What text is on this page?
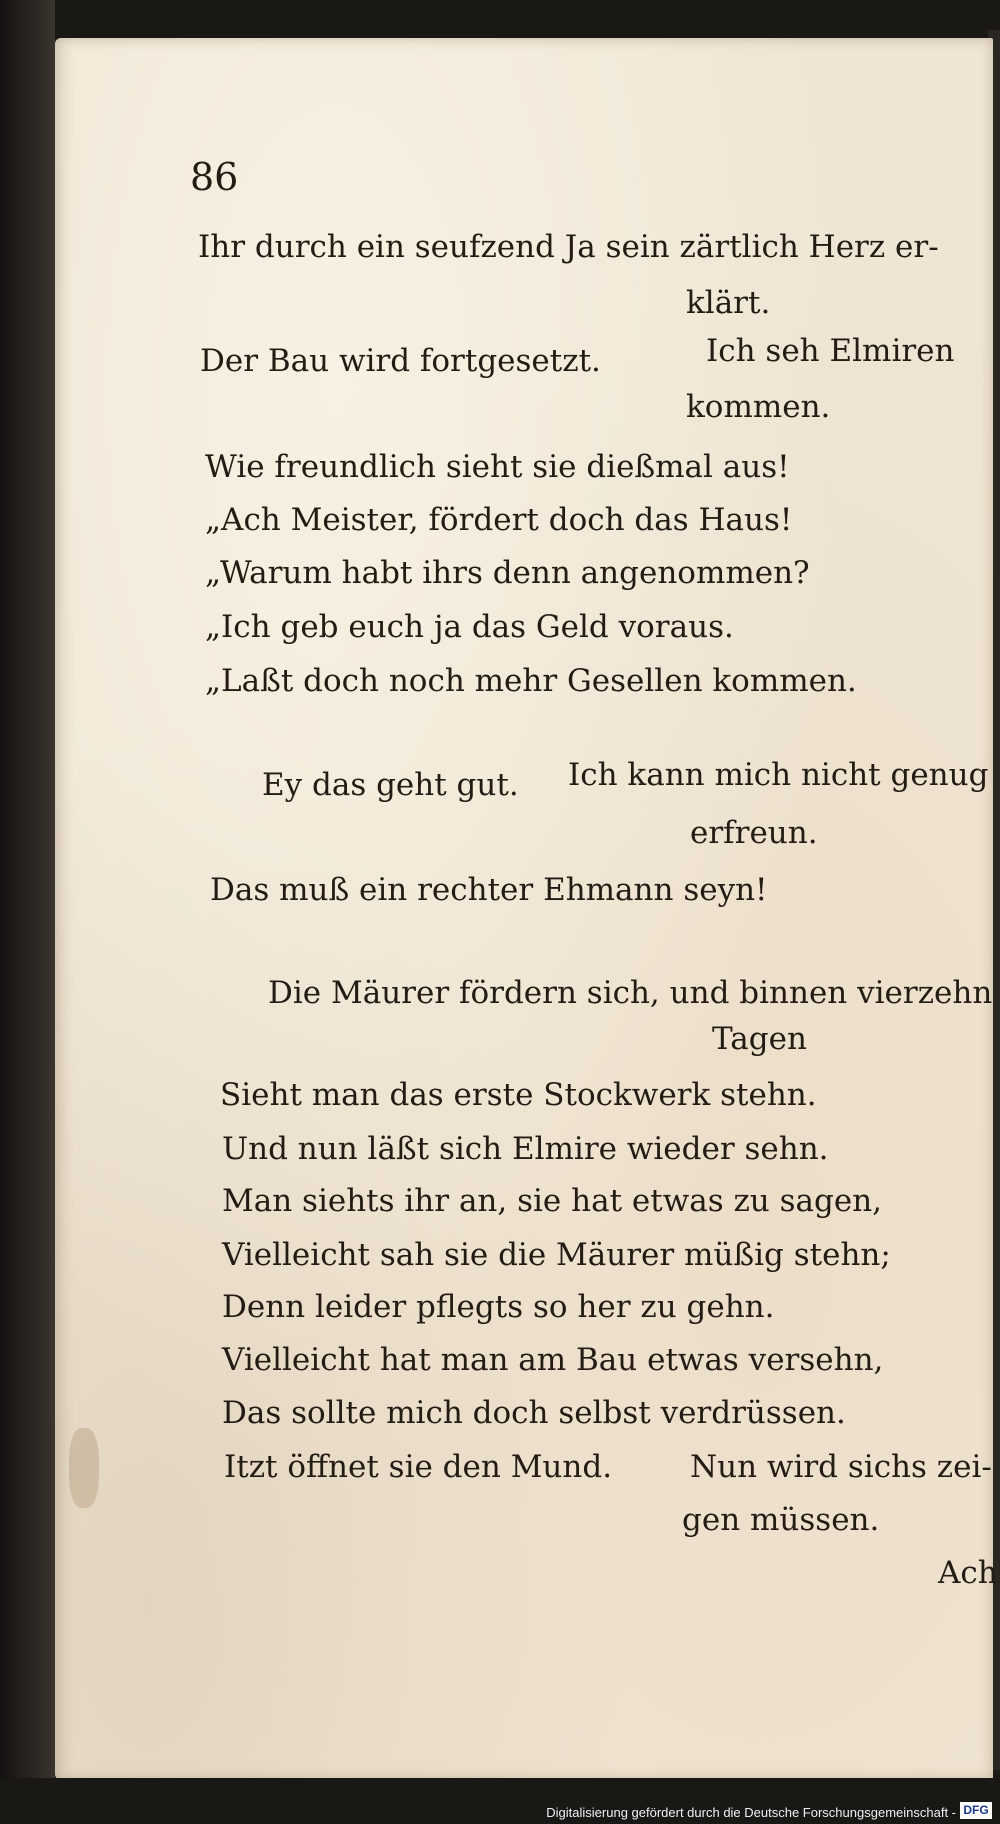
86
Ihr durch ein seufzend Ja sein zärtlich Herz er-
klärt.
Der Bau wird fortgesetzt.	Ich seh Elmiren
kommen.
Wie freundlich sieht sie dießmal aus!
„Ach Meister, fördert doch das Haus!
„Warum habt ihrs denn angenommen?
„Ich geb euch ja das Geld voraus.
„Laßt doch noch mehr Gesellen kommen.
Ey das geht gut. Ich kann mich nicht genug
erfreun.
Das muß ein rechter Ehmann seyn!
Die Mäurer fördern sich, und binnen vierzehn
Tagen
Sieht man das erste Stockwerk stehn.
Und nun läßt sich Elmire wieder sehn.
Man siehts ihr an, sie hat etwas zu sagen,
Vielleicht sah sie die Mäurer müßig stehn;
Denn leider pflegts so her zu gehn.
Vielleicht hat man am Bau etwas versehn,
Das sollte mich doch selbst verdrüssen.
Itzt öffnet sie den Mund.	Nun wird sichs zei-
gen müssen.
Ach
Digitalisierung gefördert durch die Deutsche Forschungsgemeinschaft - DFG
